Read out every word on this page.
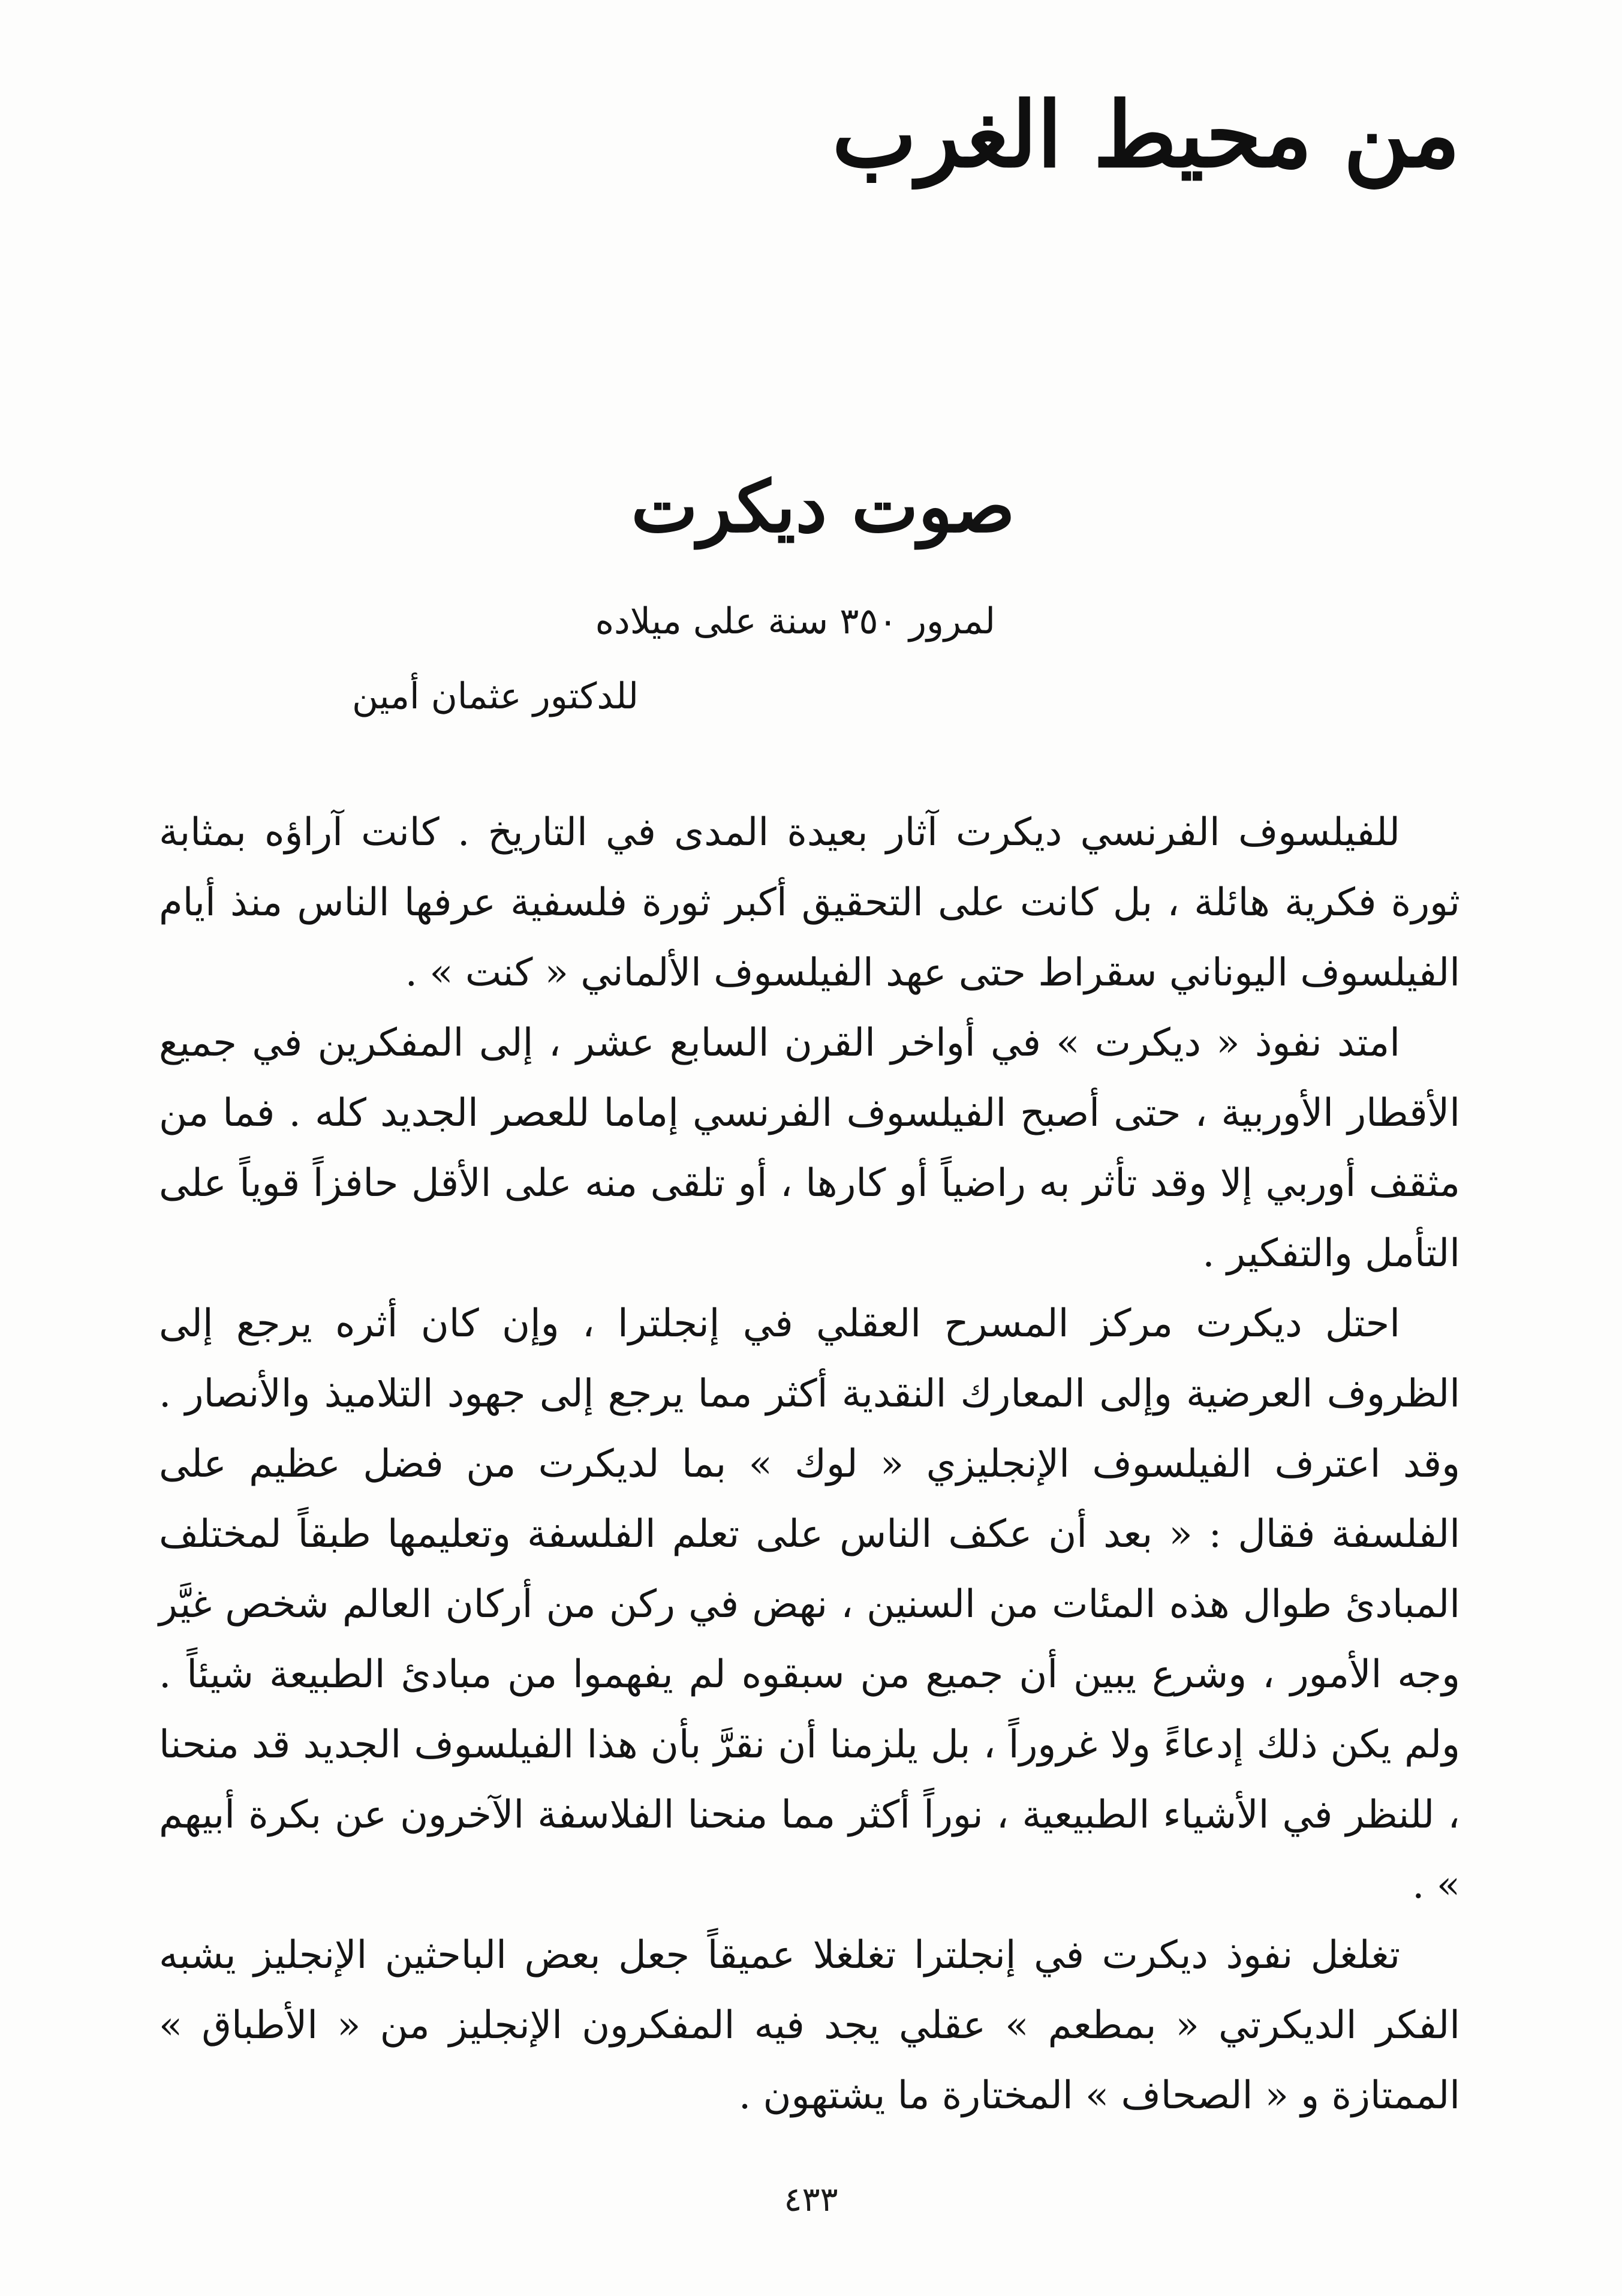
من محيط الغرب
صوت ديكرت
لمرور ٣٥٠ سنة على ميلاده
للدكتور عثمان أمين

للفيلسوف الفرنسي ديكرت آثار بعيدة المدى في التاريخ . كانت آراؤه بمثابة ثورة فكرية هائلة ، بل كانت على التحقيق أكبر ثورة فلسفية عرفها الناس منذ أيام الفيلسوف اليوناني سقراط حتى عهد الفيلسوف الألماني « كنت » .

امتد نفوذ « ديكرت » في أواخر القرن السابع عشر ، إلى المفكرين في جميع الأقطار الأوربية ، حتى أصبح الفيلسوف الفرنسي إماما للعصر الجديد كله . فما من مثقف أوربي إلا وقد تأثر به راضياً أو كارها ، أو تلقى منه على الأقل حافزاً قوياً على التأمل والتفكير .

احتل ديكرت مركز المسرح العقلي في إنجلترا ، وإن كان أثره يرجع إلى الظروف العرضية وإلى المعارك النقدية أكثر مما يرجع إلى جهود التلاميذ والأنصار . وقد اعترف الفيلسوف الإنجليزي « لوك » بما لديكرت من فضل عظيم على الفلسفة فقال : « بعد أن عكف الناس على تعلم الفلسفة وتعليمها طبقاً لمختلف المبادئ طوال هذه المئات من السنين ، نهض في ركن من أركان العالم شخص غيَّر وجه الأمور ، وشرع يبين أن جميع من سبقوه لم يفهموا من مبادئ الطبيعة شيئاً . ولم يكن ذلك إدعاءً ولا غروراً ، بل يلزمنا أن نقرَّ بأن هذا الفيلسوف الجديد قد منحنا ، للنظر في الأشياء الطبيعية ، نوراً أكثر مما منحنا الفلاسفة الآخرون عن بكرة أبيهم » .

تغلغل نفوذ ديكرت في إنجلترا تغلغلا عميقاً جعل بعض الباحثين الإنجليز يشبه الفكر الديكرتي « بمطعم » عقلي يجد فيه المفكرون الإنجليز من « الأطباق » الممتازة و « الصحاف » المختارة ما يشتهون .

٤٣٣
